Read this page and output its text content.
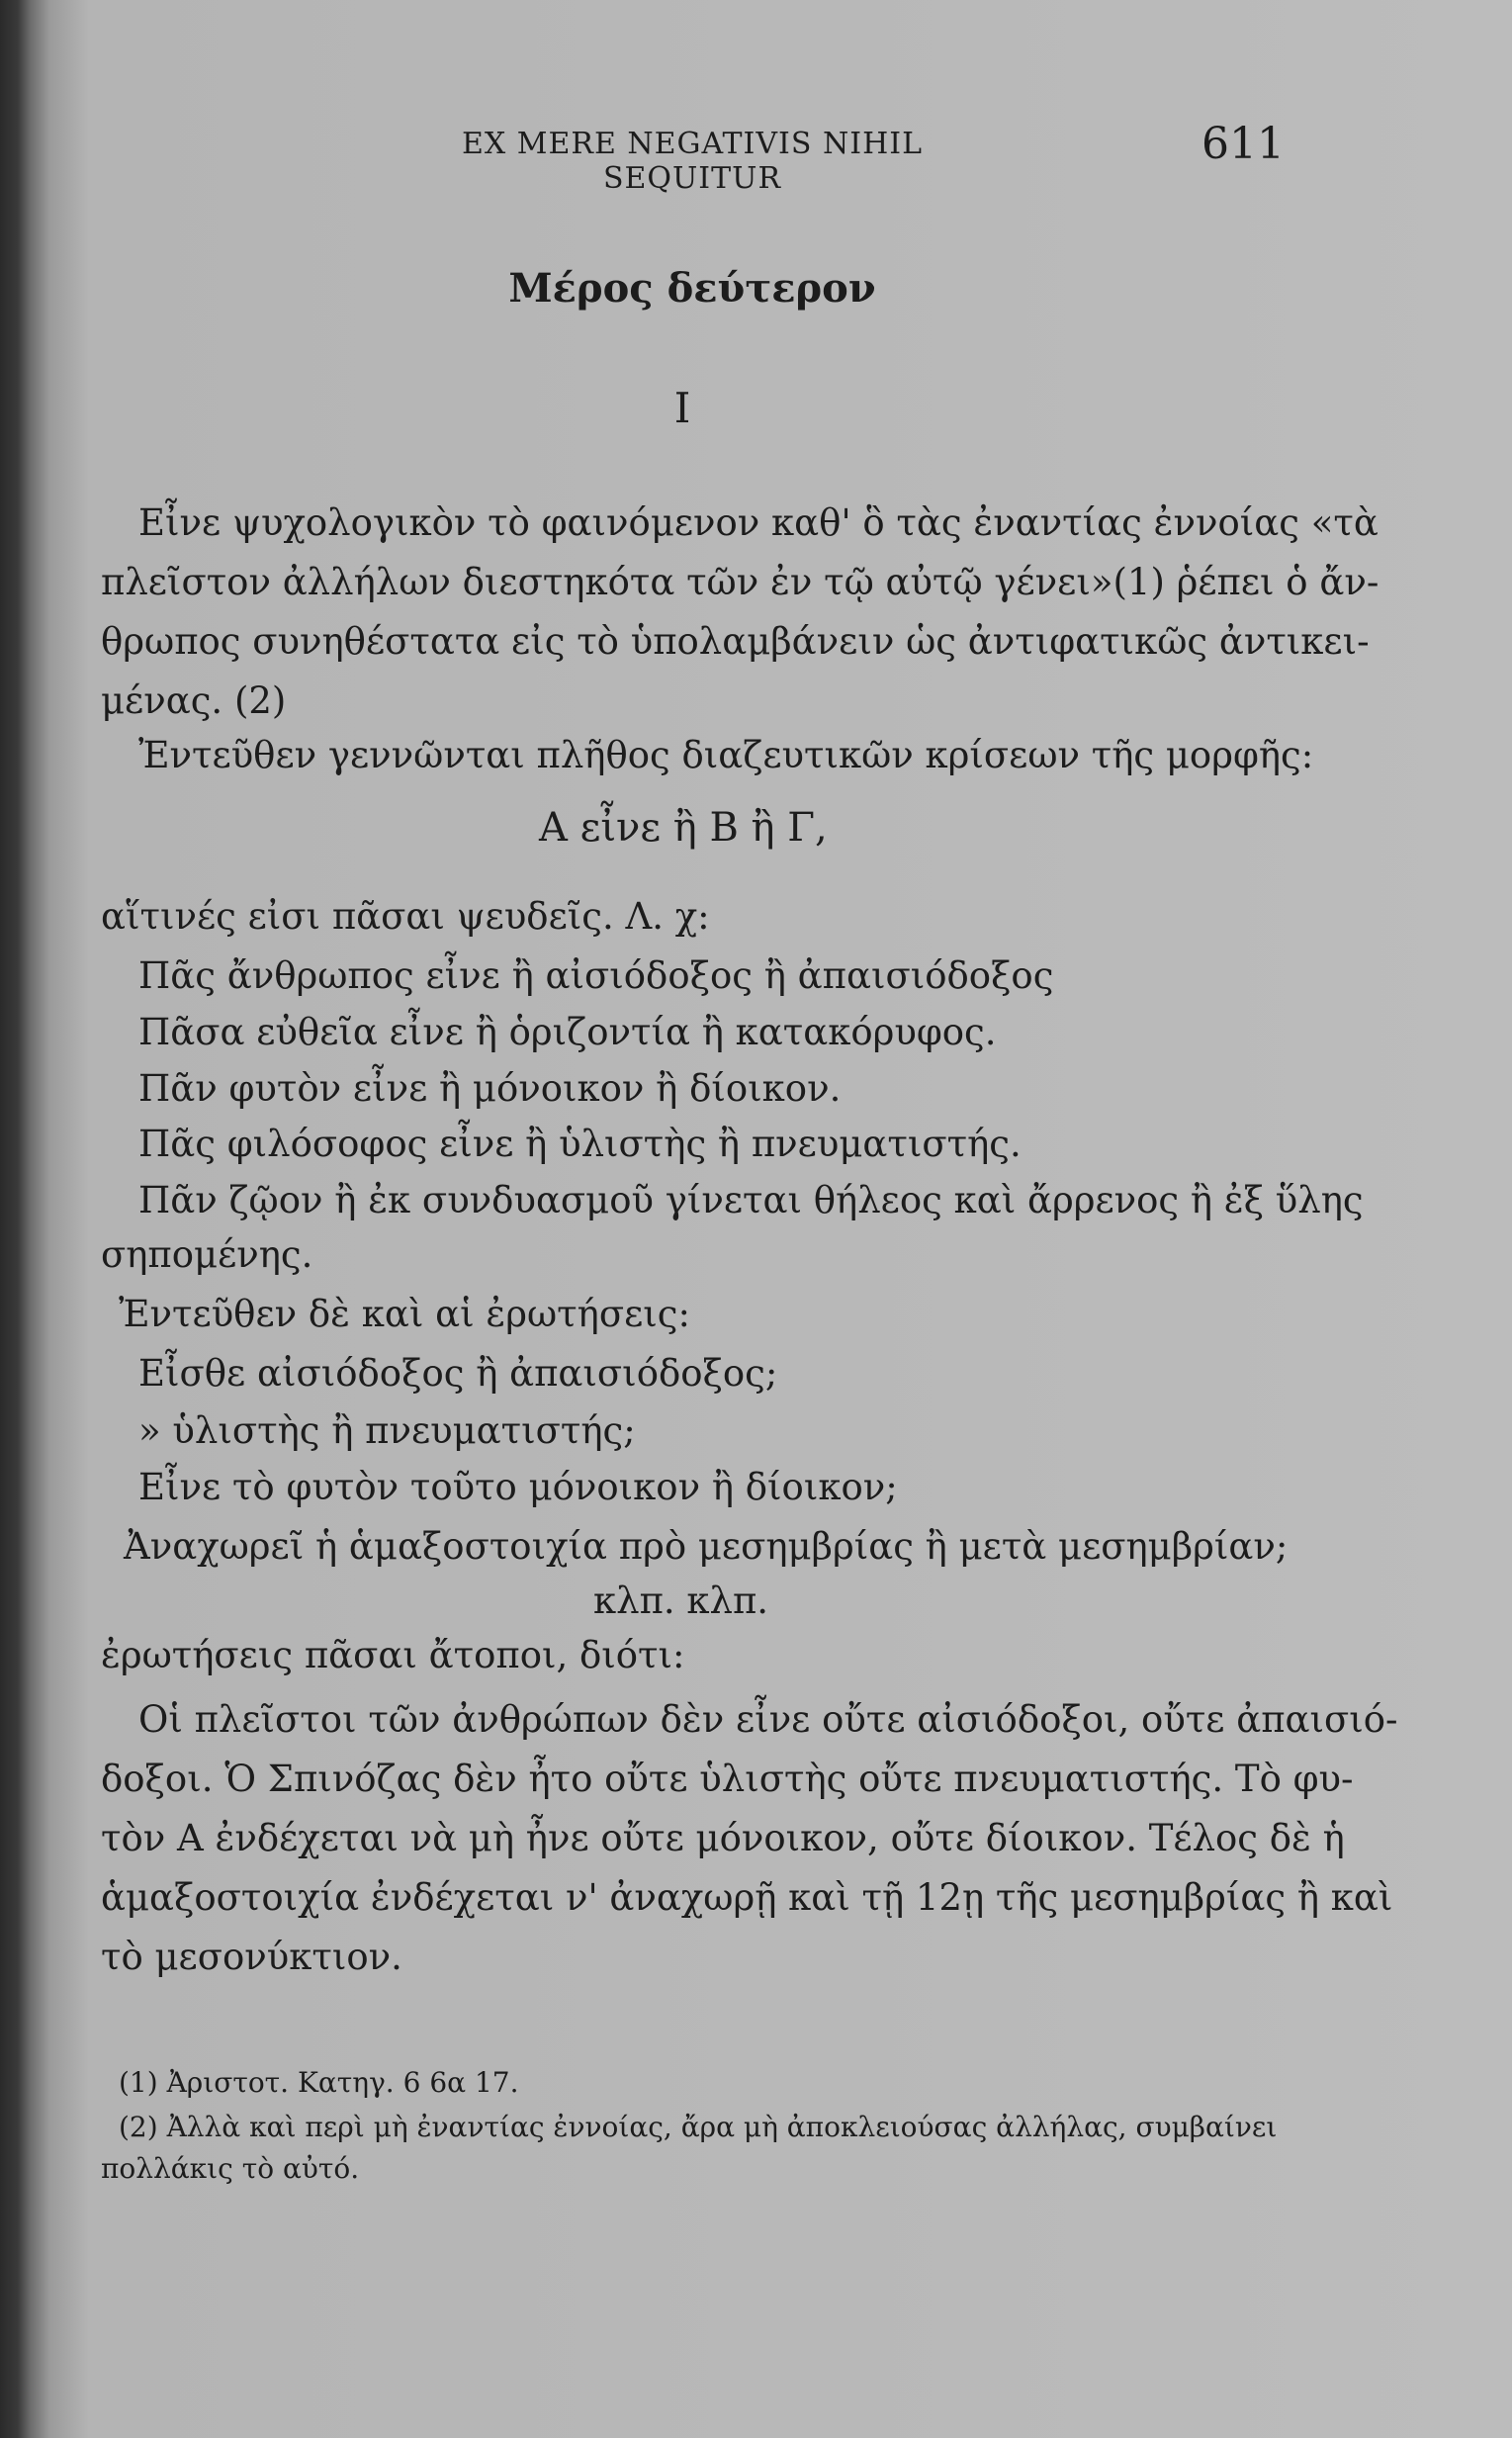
EX MERE NEGATIVIS NIHIL SEQUITUR
611
Μέρος δεύτερον
I
Εἶνε ψυχολογικὸν τὸ φαινόμενον καθ' ὃ τὰς ἐναντίας ἐννοίας «τὰ
πλεῖστον ἀλλήλων διεστηκότα τῶν ἐν τῷ αὐτῷ γένει»(1) ῥέπει ὁ ἄν-
θρωπος συνηθέστατα εἰς τὸ ὑπολαμβάνειν ὡς ἀντιφατικῶς ἀντικει-
μένας. (2)
Ἐντεῦθεν γεννῶνται πλῆθος διαζευτικῶν κρίσεων τῆς μορφῆς:
Α εἶνε ἢ Β ἢ Γ,
αἵτινές εἰσι πᾶσαι ψευδεῖς. Λ. χ:
Πᾶς ἄνθρωπος εἶνε ἢ αἰσιόδοξος ἢ ἀπαισιόδοξος
Πᾶσα εὐθεῖα εἶνε ἢ ὁριζοντία ἢ κατακόρυφος.
Πᾶν φυτὸν εἶνε ἢ μόνοικον ἢ δίοικον.
Πᾶς φιλόσοφος εἶνε ἢ ὑλιστὴς ἢ πνευματιστής.
Πᾶν ζῷον ἢ ἐκ συνδυασμοῦ γίνεται θήλεος καὶ ἄρρενος ἢ ἐξ ὕλης
σηπομένης.
Ἐντεῦθεν δὲ καὶ αἱ ἐρωτήσεις:
Εἶσθε αἰσιόδοξος ἢ ἀπαισιόδοξος;
» ὑλιστὴς ἢ πνευματιστής;
Εἶνε τὸ φυτὸν τοῦτο μόνοικον ἢ δίοικον;
Ἀναχωρεῖ ἡ ἁμαξοστοιχία πρὸ μεσημβρίας ἢ μετὰ μεσημβρίαν;
κλπ. κλπ.
ἐρωτήσεις πᾶσαι ἄτοποι, διότι:
Οἱ πλεῖστοι τῶν ἀνθρώπων δὲν εἶνε οὔτε αἰσιόδοξοι, οὔτε ἀπαισιό-
δοξοι. Ὁ Σπινόζας δὲν ἦτο οὔτε ὑλιστὴς οὔτε πνευματιστής. Τὸ φυ-
τὸν Α ἐνδέχεται νὰ μὴ ἦνε οὔτε μόνοικον, οὔτε δίοικον. Τέλος δὲ ἡ
ἁμαξοστοιχία ἐνδέχεται ν' ἀναχωρῇ καὶ τῇ 12ῃ τῆς μεσημβρίας ἢ καὶ
τὸ μεσονύκτιον.
(1) Ἀριστοτ. Κατηγ. 6 6α 17.
(2) Ἀλλὰ καὶ περὶ μὴ ἐναντίας ἐννοίας, ἄρα μὴ ἀποκλειούσας ἀλλήλας, συμβαίνει
πολλάκις τὸ αὐτό.
